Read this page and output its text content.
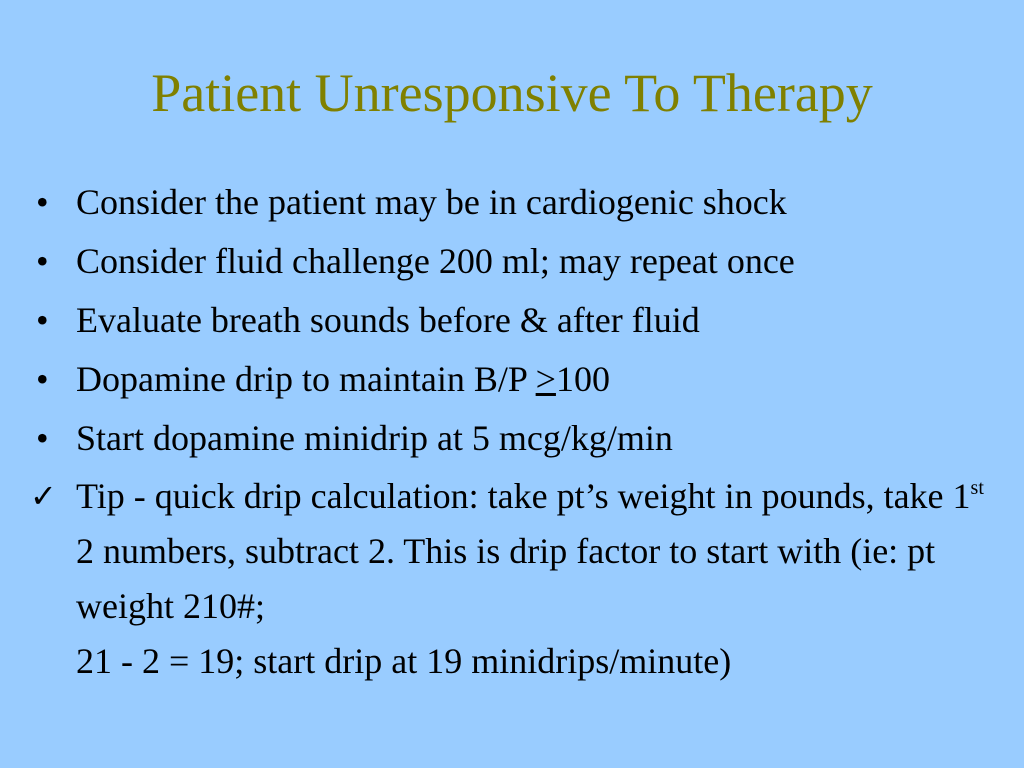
Patient Unresponsive To Therapy
• Consider the patient may be in cardiogenic shock
• Consider fluid challenge 200 ml; may repeat once
• Evaluate breath sounds before & after fluid
• Dopamine drip to maintain B/P ≥100
• Start dopamine minidrip at 5 mcg/kg/min
✓ Tip - quick drip calculation: take pt’s weight in pounds, take 1st 2 numbers, subtract 2. This is drip factor to start with (ie: pt weight 210#;
21 - 2 = 19; start drip at 19 minidrips/minute)
